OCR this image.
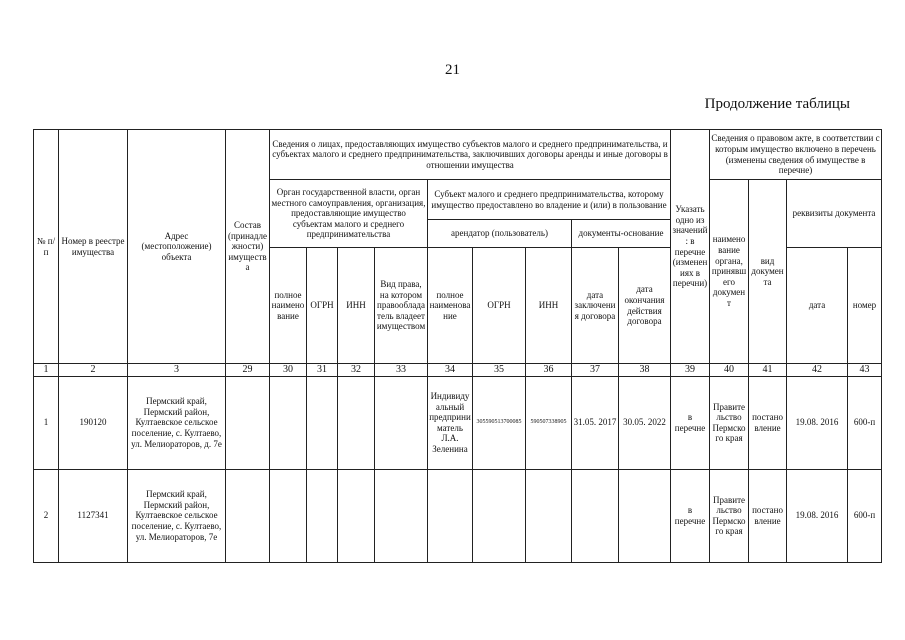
21
Продолжение таблицы
№ п/п	Номер в реестре имущества	Адрес (местоположение) объекта	Состав (принадлежности) имущества	Сведения о лицах, предоставляющих имущество субъектов малого и среднего предпринимательства, и субъектах малого и среднего предпринимательства, заключивших договоры аренды и иные договоры в отношении имущества									Указать одно из значений: в перечне (изменениях в перечни)	Сведения о правовом акте, в соответствии с которым имущество включено в перечень (изменены сведения об имуществе в перечне)			
				Орган государственной власти, орган местного самоуправления, организация, предоставляющие имущество субъектам малого и среднего предпринимательства				Субъект малого и среднего предпринимательства, которому имущество предоставлено во владение и (или) в пользование						наименование органа, принявшего документ	вид документа	реквизиты документа	
								арендатор (пользователь)			документы-основание						
				полное наименование	ОГРН	ИНН	Вид права, на котором правообладатель владеет имуществом	полное наименование	ОГРН	ИНН	дата заключения договора	дата окончания действия договора				дата	номер
1	2	3	29	30	31	32	33	34	35	36	37	38	39	40	41	42	43
1	190120	Пермский край, Пермский район, Култаевское сельское поселение, с. Култаево, ул. Мелиораторов, д. 7е						Индивидуальный предприниматель Л.А. Зеленина	305590513700085	590507338905	31.05. 2017	30.05. 2022	в перечне	Правительство Пермского края	постановление	19.08. 2016	600-п
2	1127341	Пермский край, Пермский район, Култаевское сельское поселение, с. Култаево, ул. Мелиораторов, 7е											в перечне	Правительство Пермского края	постановление	19.08. 2016	600-п
